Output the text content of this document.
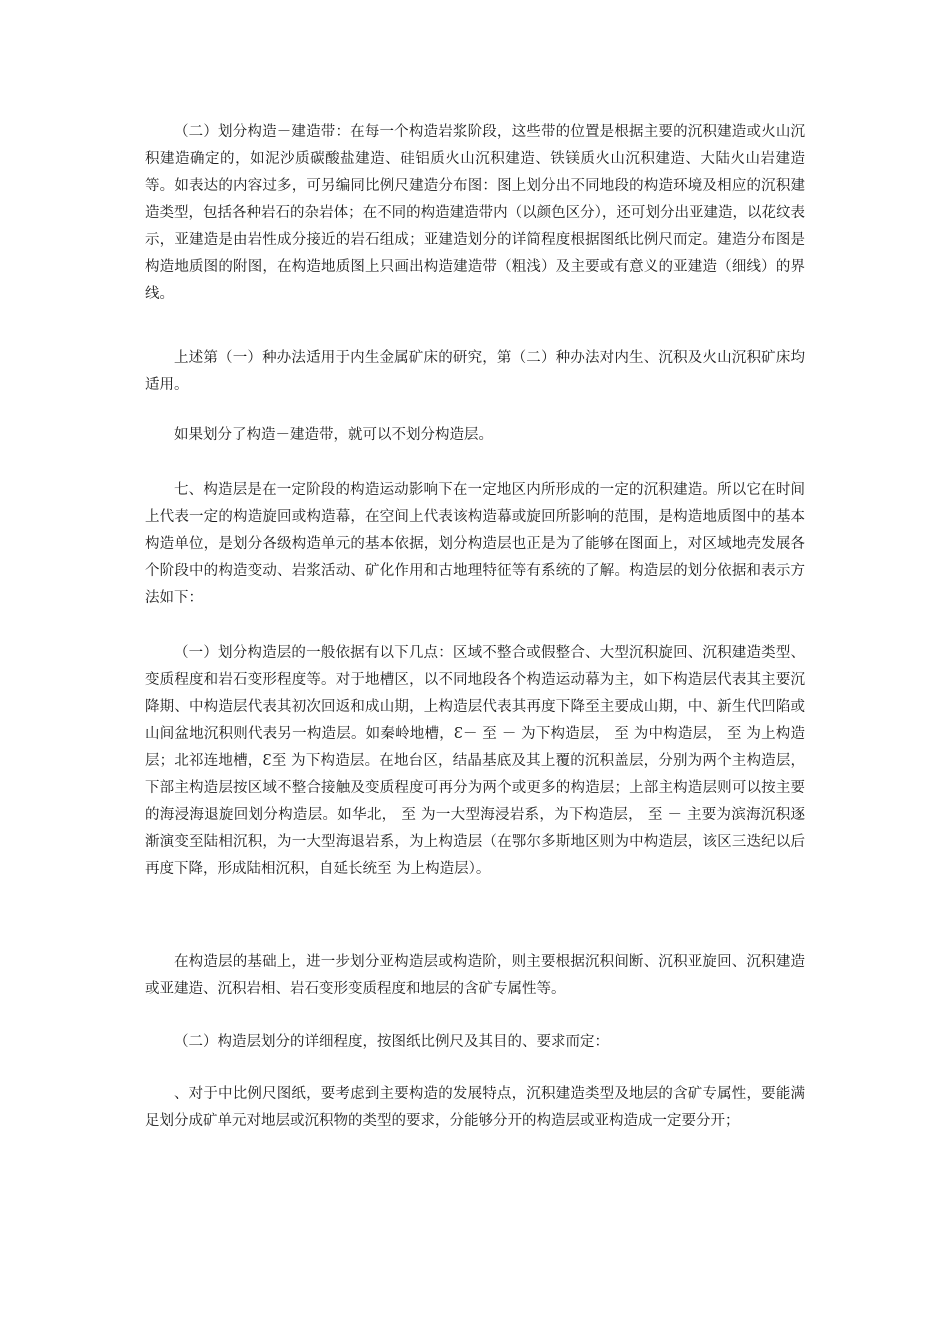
（二）划分构造－建造带：在每一个构造岩浆阶段，这些带的位置是根据主要的沉积建造或火山沉积建造确定的，如泥沙质碳酸盐建造、硅铝质火山沉积建造、铁镁质火山沉积建造、大陆火山岩建造等。如表达的内容过多，可另编同比例尺建造分布图：图上划分出不同地段的构造环境及相应的沉积建造类型，包括各种岩石的杂岩体；在不同的构造建造带内（以颜色区分），还可划分出亚建造，以花纹表示，亚建造是由岩性成分接近的岩石组成；亚建造划分的详简程度根据图纸比例尺而定。建造分布图是构造地质图的附图，在构造地质图上只画出构造建造带（粗浅）及主要或有意义的亚建造（细线）的界线。

上述第（一）种办法适用于内生金属矿床的研究，第（二）种办法对内生、沉积及火山沉积矿床均适用。

如果划分了构造－建造带，就可以不划分构造层。

七、构造层是在一定阶段的构造运动影响下在一定地区内所形成的一定的沉积建造。所以它在时间上代表一定的构造旋回或构造幕，在空间上代表该构造幕或旋回所影响的范围，是构造地质图中的基本构造单位，是划分各级构造单元的基本依据，划分构造层也正是为了能够在图面上，对区域地壳发展各个阶段中的构造变动、岩浆活动、矿化作用和古地理特征等有系统的了解。构造层的划分依据和表示方法如下：

（一）划分构造层的一般依据有以下几点：区域不整合或假整合、大型沉积旋回、沉积建造类型、变质程度和岩石变形程度等。对于地槽区，以不同地段各个构造运动幕为主，如下构造层代表其主要沉降期、中构造层代表其初次回返和成山期，上构造层代表其再度下降至主要成山期，中、新生代凹陷或山间盆地沉积则代表另一构造层。如秦岭地槽，Ɛ－ 至 － 为下构造层， 至 为中构造层， 至 为上构造层；北祁连地槽，Ɛ至 为下构造层。在地台区，结晶基底及其上覆的沉积盖层，分别为两个主构造层，下部主构造层按区域不整合接触及变质程度可再分为两个或更多的构造层；上部主构造层则可以按主要的海浸海退旋回划分构造层。如华北， 至 为一大型海浸岩系，为下构造层， 至 － 主要为滨海沉积逐渐演变至陆相沉积，为一大型海退岩系，为上构造层（在鄂尔多斯地区则为中构造层，该区三迭纪以后再度下降，形成陆相沉积，自延长统至 为上构造层）。

在构造层的基础上，进一步划分亚构造层或构造阶，则主要根据沉积间断、沉积亚旋回、沉积建造或亚建造、沉积岩相、岩石变形变质程度和地层的含矿专属性等。

（二）构造层划分的详细程度，按图纸比例尺及其目的、要求而定：

、对于中比例尺图纸，要考虑到主要构造的发展特点，沉积建造类型及地层的含矿专属性，要能满足划分成矿单元对地层或沉积物的类型的要求，分能够分开的构造层或亚构造成一定要分开；
